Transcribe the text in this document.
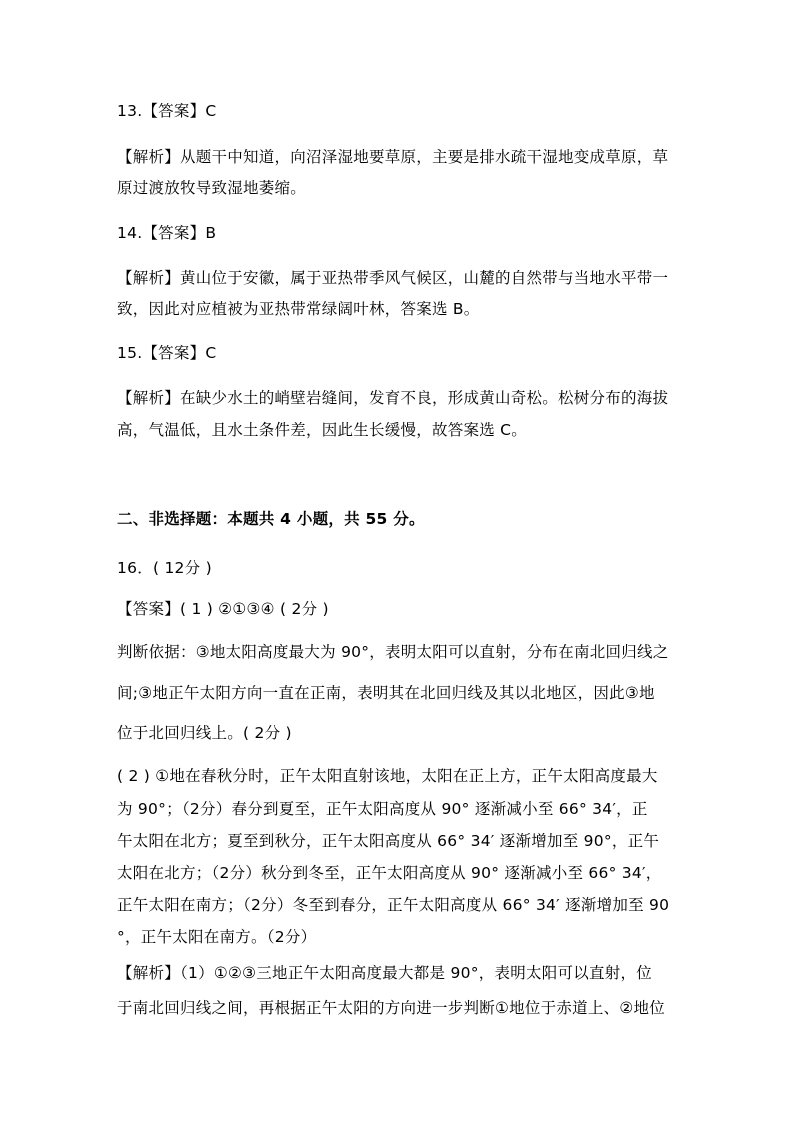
13.【答案】C
【解析】从题干中知道，向沼泽湿地要草原，主要是排水疏干湿地变成草原，草
原过渡放牧导致湿地萎缩。
14.【答案】B
【解析】黄山位于安徽，属于亚热带季风气候区，山麓的自然带与当地水平带一
致，因此对应植被为亚热带常绿阔叶林，答案选 B。
15.【答案】C
【解析】在缺少水土的峭壁岩缝间，发育不良，形成黄山奇松。松树分布的海拔
高，气温低，且水土条件差，因此生长缓慢，故答案选 C。
二、非选择题：本题共 4 小题，共 55 分。
16．( 12分 )
【答案】( 1 ) ②①③④ ( 2分 )
判断依据：③地太阳高度最大为 90°，表明太阳可以直射，分布在南北回归线之
间;③地正午太阳方向一直在正南，表明其在北回归线及其以北地区，因此③地
位于北回归线上。( 2分 )
( 2 ) ①地在春秋分时，正午太阳直射该地，太阳在正上方，正午太阳高度最大
为 90°；（2分）春分到夏至，正午太阳高度从 90° 逐渐减小至 66° 34′，正
午太阳在北方；夏至到秋分，正午太阳高度从 66° 34′ 逐渐增加至 90°，正午
太阳在北方；（2分）秋分到冬至，正午太阳高度从 90° 逐渐减小至 66° 34′，
正午太阳在南方；（2分）冬至到春分，正午太阳高度从 66° 34′ 逐渐增加至 90
°，正午太阳在南方。（2分）
【解析】（1）①②③三地正午太阳高度最大都是 90°，表明太阳可以直射，位
于南北回归线之间，再根据正午太阳的方向进一步判断①地位于赤道上、②地位
